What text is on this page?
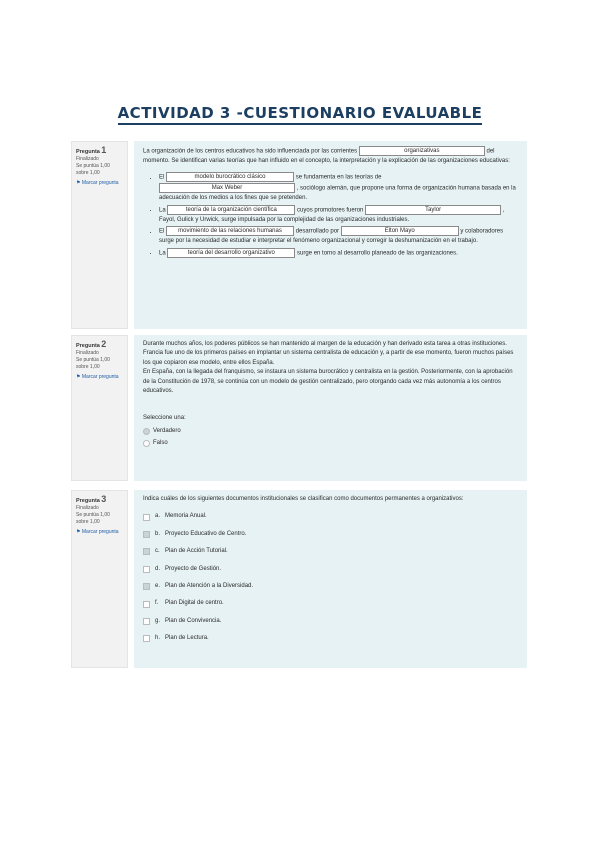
ACTIVIDAD 3 -CUESTIONARIO EVALUABLE
Pregunta 1
Finalizado
Se puntúa 1,00 sobre 1,00
⚑ Marcar pregunta
La organización de los centros educativos ha sido influenciada por las corrientes	organizativas	del momento. Se identifican varias teorías que han influido en el concepto, la interpretación y la explicación de las organizaciones educativas:
• El	modelo burocrático clásico	se fundamenta en las teorías de Max Weber	, sociólogo alemán, que propone una forma de organización humana basada en la adecuación de los medios a los fines que se pretenden.
• La	teoría de la organización científica	cuyos promotores fueron	Taylor	, Fayol, Gulick y Urwick, surge impulsada por la complejidad de las organizaciones industriales.
• El movimiento de las relaciones humanas desarrollado por	Elton Mayo	y colaboradores surge por la necesidad de estudiar e interpretar el fenómeno organizacional y corregir la deshumanización en el trabajo.
• La	teoría del desarrollo organizativo	surge en torno al desarrollo planeado de las organizaciones.
Pregunta 2
Finalizado
Se puntúa 1,00 sobre 1,00
⚑ Marcar pregunta
Durante muchos años, los poderes públicos se han mantenido al margen de la educación y han derivado esta tarea a otras instituciones. Francia fue uno de los primeros países en implantar un sistema centralista de educación y, a partir de ese momento, fueron muchos países los que copiaron ese modelo, entre ellos España.
En España, con la llegada del franquismo, se instaura un sistema burocrático y centralista en la gestión. Posteriormente, con la aprobación de la Constitución de 1978, se continúa con un modelo de gestión centralizado, pero otorgando cada vez más autonomía a los centros educativos.
Seleccione una:
Verdadero
Falso
Pregunta 3
Finalizado
Se puntúa 1,00 sobre 1,00
⚑ Marcar pregunta
Indica cuáles de los siguientes documentos institucionales se clasifican como documentos permanentes a organizativos:
a. Memoria Anual.
b. Proyecto Educativo de Centro.
c. Plan de Acción Tutorial.
d. Proyecto de Gestión.
e. Plan de Atención a la Diversidad.
f.	Plan Digital de centro.
g. Plan de Convivencia.
h. Plan de Lectura.
